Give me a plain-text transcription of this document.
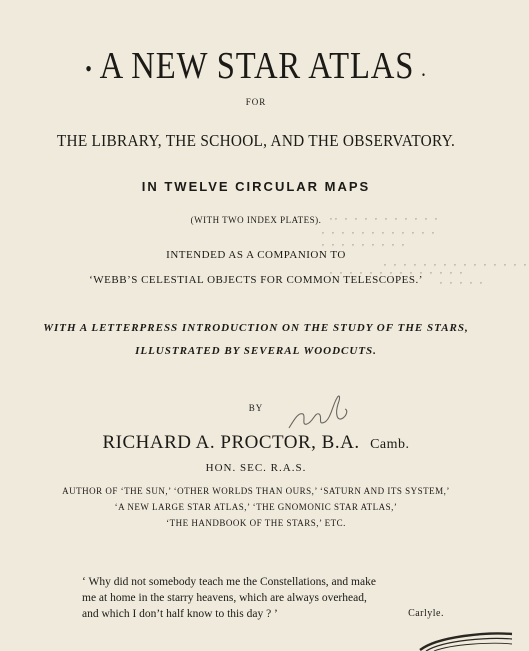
• A NEW STAR ATLAS .
FOR
THE LIBRARY, THE SCHOOL, AND THE OBSERVATORY.
IN TWELVE CIRCULAR MAPS
(WITH TWO INDEX PLATES).
INTENDED AS A COMPANION TO
‘WEBB’S CELESTIAL OBJECTS FOR COMMON TELESCOPES.’
,, , , , , , , , , , ,
, , , , , , , , , , , ,
, , , , , , , , ,
, , , , , , , , , , , , , , ,
, , , , , , , , , , , , , ,
, , , , ,
WITH A LETTERPRESS INTRODUCTION ON THE STUDY OF THE STARS,
ILLUSTRATED BY SEVERAL WOODCUTS.
BY
RICHARD A. PROCTOR, B.A. Camb.
HON. SEC. R.A.S.
AUTHOR OF ‘THE SUN,’ ‘OTHER WORLDS THAN OURS,’ ‘SATURN AND ITS SYSTEM,’
‘A NEW LARGE STAR ATLAS,’ ‘THE GNOMONIC STAR ATLAS,’
‘THE HANDBOOK OF THE STARS,’ ETC.
‘ Why did not somebody teach me the Constellations, and make
me at home in the starry heavens, which are always overhead,
and which I don’t half know to this day ? ’	Carlyle.
